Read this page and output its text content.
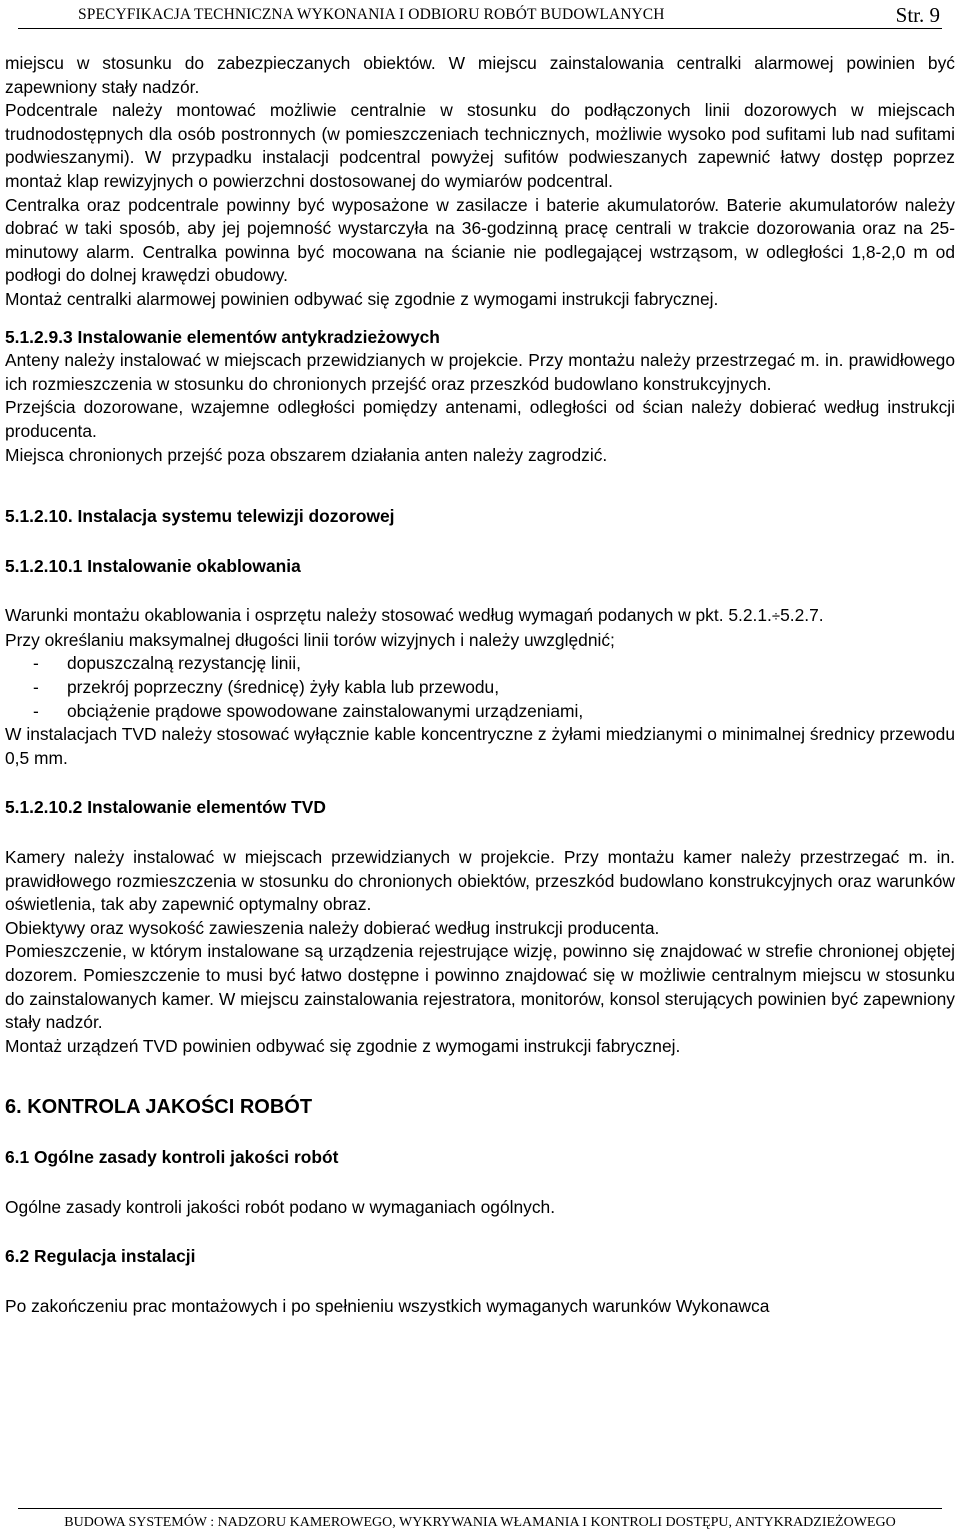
SPECYFIKACJA TECHNICZNA WYKONANIA I ODBIORU ROBÓT BUDOWLANYCH	Str. 9

miejscu w stosunku do zabezpieczanych obiektów. W miejscu zainstalowania centralki alarmowej powinien być zapewniony stały nadzór.

Podcentrale należy montować możliwie centralnie w stosunku do podłączonych linii dozorowych w miejscach trudnodostępnych dla osób postronnych (w pomieszczeniach technicznych, możliwie wysoko pod sufitami lub nad sufitami podwieszanymi). W przypadku instalacji podcentral powyżej sufitów podwieszanych zapewnić łatwy dostęp poprzez montaż klap rewizyjnych o powierzchni dostosowanej do wymiarów podcentral.

Centralka oraz podcentrale powinny być wyposażone w zasilacze i baterie akumulatorów. Baterie akumulatorów należy dobrać w taki sposób, aby jej pojemność wystarczyła na 36-godzinną pracę centrali w trakcie dozorowania oraz na 25-minutowy alarm. Centralka powinna być mocowana na ścianie nie podlegającej wstrząsom, w odległości 1,8-2,0 m od podłogi do dolnej krawędzi obudowy.

Montaż centralki alarmowej powinien odbywać się zgodnie z wymogami instrukcji fabrycznej.

5.1.2.9.3 Instalowanie elementów antykradzieżowych

Anteny należy instalować w miejscach przewidzianych w projekcie. Przy montażu należy przestrzegać m. in. prawidłowego ich rozmieszczenia w stosunku do chronionych przejść oraz przeszkód budowlano konstrukcyjnych.

Przejścia dozorowane, wzajemne odległości pomiędzy antenami, odległości od ścian należy dobierać według instrukcji producenta.

Miejsca chronionych przejść poza obszarem działania anten należy zagrodzić.

5.1.2.10. Instalacja systemu telewizji dozorowej
5.1.2.10.1 Instalowanie okablowania

Warunki montażu okablowania i osprzętu należy stosować według wymagań podanych w pkt. 5.2.1.÷5.2.7.

Przy określaniu maksymalnej długości linii torów wizyjnych i należy uwzględnić;

- dopuszczalną rezystancję linii,
- przekrój poprzeczny (średnicę) żyły kabla lub przewodu,
- obciążenie prądowe spowodowane zainstalowanymi urządzeniami,

W instalacjach TVD należy stosować wyłącznie kable koncentryczne z żyłami miedzianymi o minimalnej średnicy przewodu 0,5 mm.

5.1.2.10.2 Instalowanie elementów TVD

Kamery należy instalować w miejscach przewidzianych w projekcie. Przy montażu kamer należy przestrzegać m. in. prawidłowego rozmieszczenia w stosunku do chronionych obiektów, przeszkód budowlano konstrukcyjnych oraz warunków oświetlenia, tak aby zapewnić optymalny obraz.

Obiektywy oraz wysokość zawieszenia należy dobierać według instrukcji producenta.

Pomieszczenie, w którym instalowane są urządzenia rejestrujące wizję, powinno się znajdować w strefie chronionej objętej dozorem. Pomieszczenie to musi być łatwo dostępne i powinno znajdować się w możliwie centralnym miejscu w stosunku do zainstalowanych kamer. W miejscu zainstalowania rejestratora, monitorów, konsol sterujących powinien być zapewniony stały nadzór.

Montaż urządzeń TVD powinien odbywać się zgodnie z wymogami instrukcji fabrycznej.

6. KONTROLA JAKOŚCI ROBÓT
6.1 Ogólne zasady kontroli jakości robót

Ogólne zasady kontroli jakości robót podano w wymaganiach ogólnych.

6.2 Regulacja instalacji

Po zakończeniu prac montażowych i po spełnieniu wszystkich wymaganych warunków Wykonawca

BUDOWA SYSTEMÓW : NADZORU KAMEROWEGO, WYKRYWANIA WŁAMANIA I KONTROLI DOSTĘPU, ANTYKRADZIEŻOWEGO
